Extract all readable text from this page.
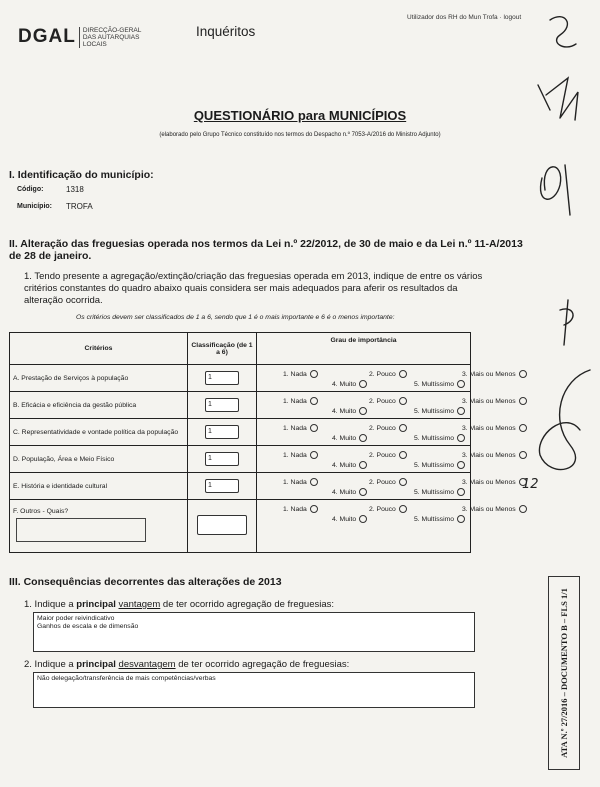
DGAL	DIRECÇÃO-GERAL DAS AUTARQUIAS LOCAIS
Inquéritos
Utilizador dos RH do Mun Trofa · logout
QUESTIONÁRIO para MUNICÍPIOS
(elaborado pelo Grupo Técnico constituído nos termos do Despacho n.º 7053-A/2016 do Ministro Adjunto)
I. Identificação do município:
Código:	1318
Município: TROFA
II. Alteração das freguesias operada nos termos da Lei n.º 22/2012, de 30 de maio e da Lei n.º 11-A/2013 de 28 de janeiro.
1. Tendo presente a agregação/extinção/criação das freguesias operada em 2013, indique de entre os vários critérios constantes do quadro abaixo quais considera ser mais adequados para aferir os resultados da alteração ocorrida.
Os critérios devem ser classificados de 1 a 6, sendo que 1 é o mais importante e 6 é o menos importante:
Critérios	Classificação (de 1 a 6)	Grau de importância

A. Prestação de Serviços à população	1	1. Nada 2. Pouco 3. Mais ou Menos
4. Muito 5. Multíssimo

B. Eficácia e eficiência da gestão pública	1	1. Nada 2. Pouco 3. Mais ou Menos
4. Muito 5. Multíssimo

C. Representatividade e vontade política da população	1	1. Nada 2. Pouco 3. Mais ou Menos
4. Muito 5. Multíssimo

D. População, Área e Meio Físico	1	1. Nada 2. Pouco 3. Mais ou Menos
4. Muito 5. Multíssimo

E. História e identidade cultural	1	1. Nada 2. Pouco 3. Mais ou Menos
4. Muito 5. Multíssimo

F. Outros - Quais?		1. Nada 2. Pouco 3. Mais ou Menos
4. Muito 5. Multíssimo
III. Consequências decorrentes das alterações de 2013
1. Indique a principal vantagem de ter ocorrido agregação de freguesias:
Maior poder reivindicativo
Ganhos de escala e de dimensão
2. Indique a principal desvantagem de ter ocorrido agregação de freguesias:
Não delegação/transferência de mais competências/verbas	ATA N.º 27/2016 – DOCUMENTO B – FLS 1/1
12
